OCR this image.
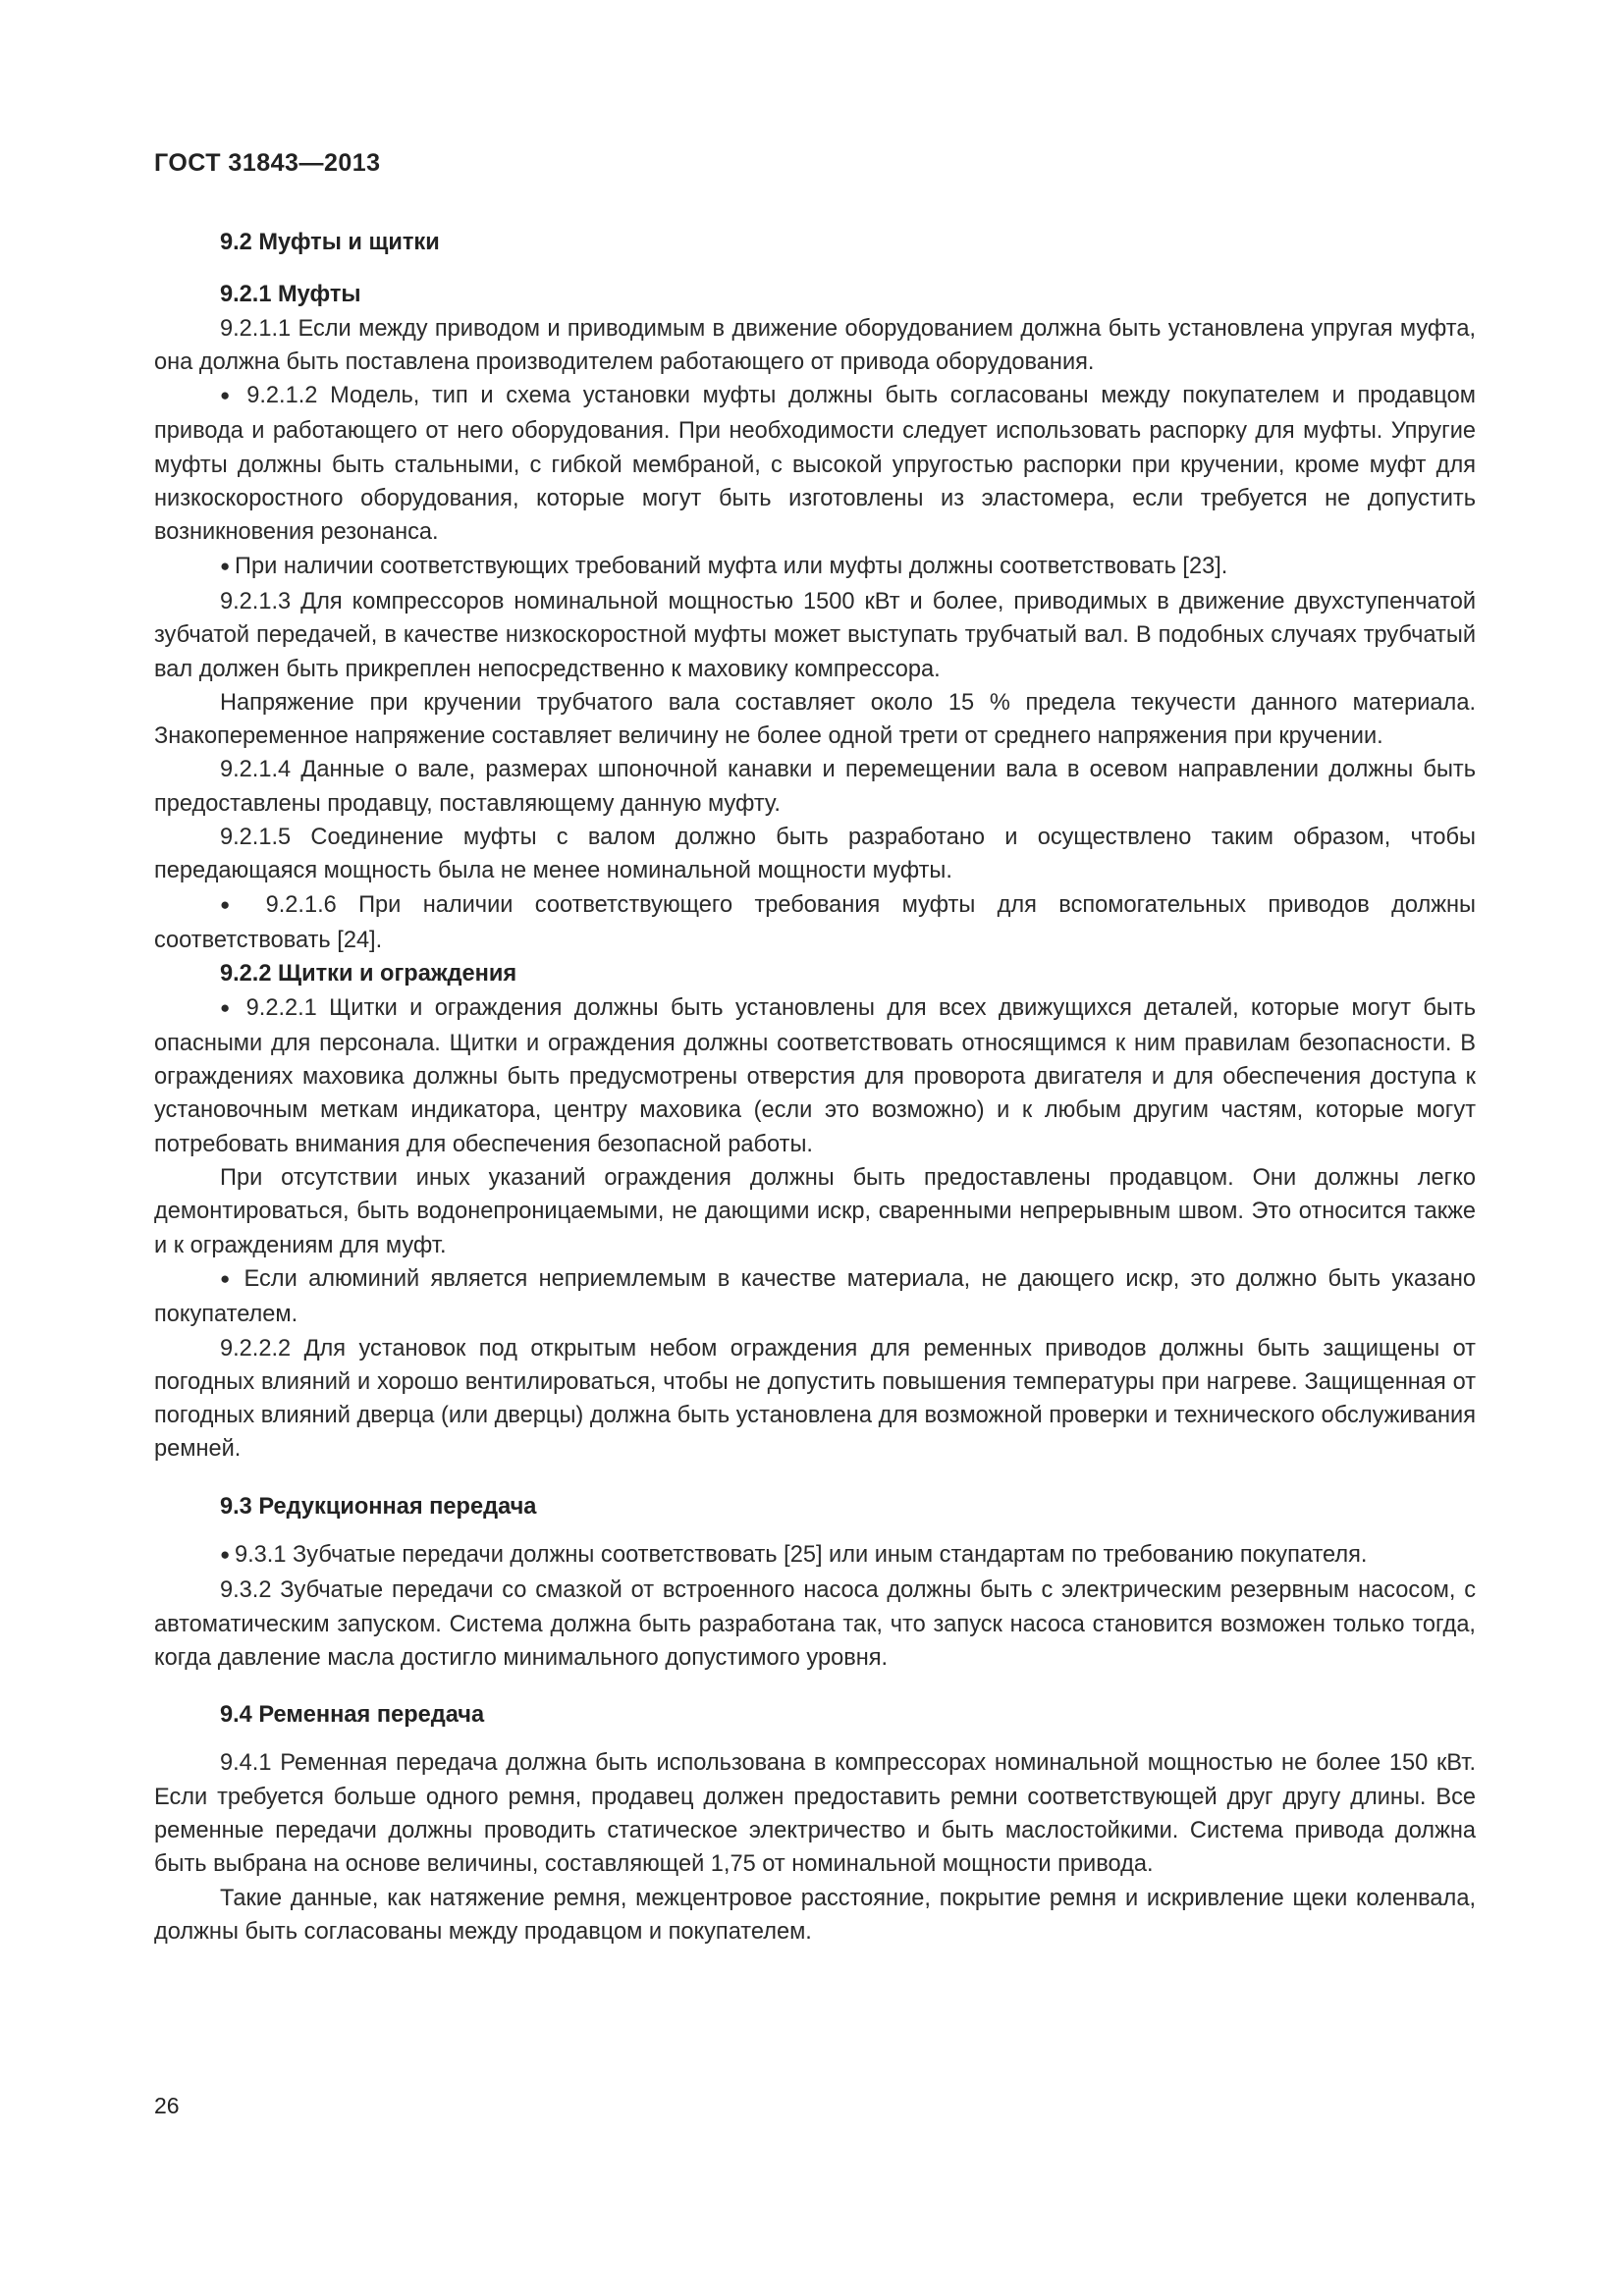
ГОСТ 31843—2013
9.2 Муфты и щитки
9.2.1 Муфты

9.2.1.1 Если между приводом и приводимым в движение оборудованием должна быть установлена упругая муфта, она должна быть поставлена производителем работающего от привода оборудования.

● 9.2.1.2 Модель, тип и схема установки муфты должны быть согласованы между покупателем и продавцом привода и работающего от него оборудования. При необходимости следует использовать распорку для муфты. Упругие муфты должны быть стальными, с гибкой мембраной, с высокой упругостью распорки при кручении, кроме муфт для низкоскоростного оборудования, которые могут быть изготовлены из эластомера, если требуется не допустить возникновения резонанса.

● При наличии соответствующих требований муфта или муфты должны соответствовать [23].

9.2.1.3 Для компрессоров номинальной мощностью 1500 кВт и более, приводимых в движение двухступенчатой зубчатой передачей, в качестве низкоскоростной муфты может выступать трубчатый вал. В подобных случаях трубчатый вал должен быть прикреплен непосредственно к маховику компрессора.

Напряжение при кручении трубчатого вала составляет около 15 % предела текучести данного материала. Знакопеременное напряжение составляет величину не более одной трети от среднего напряжения при кручении.

9.2.1.4 Данные о вале, размерах шпоночной канавки и перемещении вала в осевом направлении должны быть предоставлены продавцу, поставляющему данную муфту.

9.2.1.5 Соединение муфты с валом должно быть разработано и осуществлено таким образом, чтобы передающаяся мощность была не менее номинальной мощности муфты.

● 9.2.1.6 При наличии соответствующего требования муфты для вспомогательных приводов должны соответствовать [24].

9.2.2 Щитки и ограждения

● 9.2.2.1 Щитки и ограждения должны быть установлены для всех движущихся деталей, которые могут быть опасными для персонала. Щитки и ограждения должны соответствовать относящимся к ним правилам безопасности. В ограждениях маховика должны быть предусмотрены отверстия для проворота двигателя и для обеспечения доступа к установочным меткам индикатора, центру маховика (если это возможно) и к любым другим частям, которые могут потребовать внимания для обеспечения безопасной работы.

При отсутствии иных указаний ограждения должны быть предоставлены продавцом. Они должны легко демонтироваться, быть водонепроницаемыми, не дающими искр, сваренными непрерывным швом. Это относится также и к ограждениям для муфт.

● Если алюминий является неприемлемым в качестве материала, не дающего искр, это должно быть указано покупателем.

9.2.2.2 Для установок под открытым небом ограждения для ременных приводов должны быть защищены от погодных влияний и хорошо вентилироваться, чтобы не допустить повышения температуры при нагреве. Защищенная от погодных влияний дверца (или дверцы) должна быть установлена для возможной проверки и технического обслуживания ремней.

9.3 Редукционная передача

● 9.3.1 Зубчатые передачи должны соответствовать [25] или иным стандартам по требованию покупателя.

9.3.2 Зубчатые передачи со смазкой от встроенного насоса должны быть с электрическим резервным насосом, с автоматическим запуском. Система должна быть разработана так, что запуск насоса становится возможен только тогда, когда давление масла достигло минимального допустимого уровня.

9.4 Ременная передача

9.4.1 Ременная передача должна быть использована в компрессорах номинальной мощностью не более 150 кВт. Если требуется больше одного ремня, продавец должен предоставить ремни соответствующей друг другу длины. Все ременные передачи должны проводить статическое электричество и быть маслостойкими. Система привода должна быть выбрана на основе величины, составляющей 1,75 от номинальной мощности привода.

Такие данные, как натяжение ремня, межцентровое расстояние, покрытие ремня и искривление щеки коленвала, должны быть согласованы между продавцом и покупателем.

26
